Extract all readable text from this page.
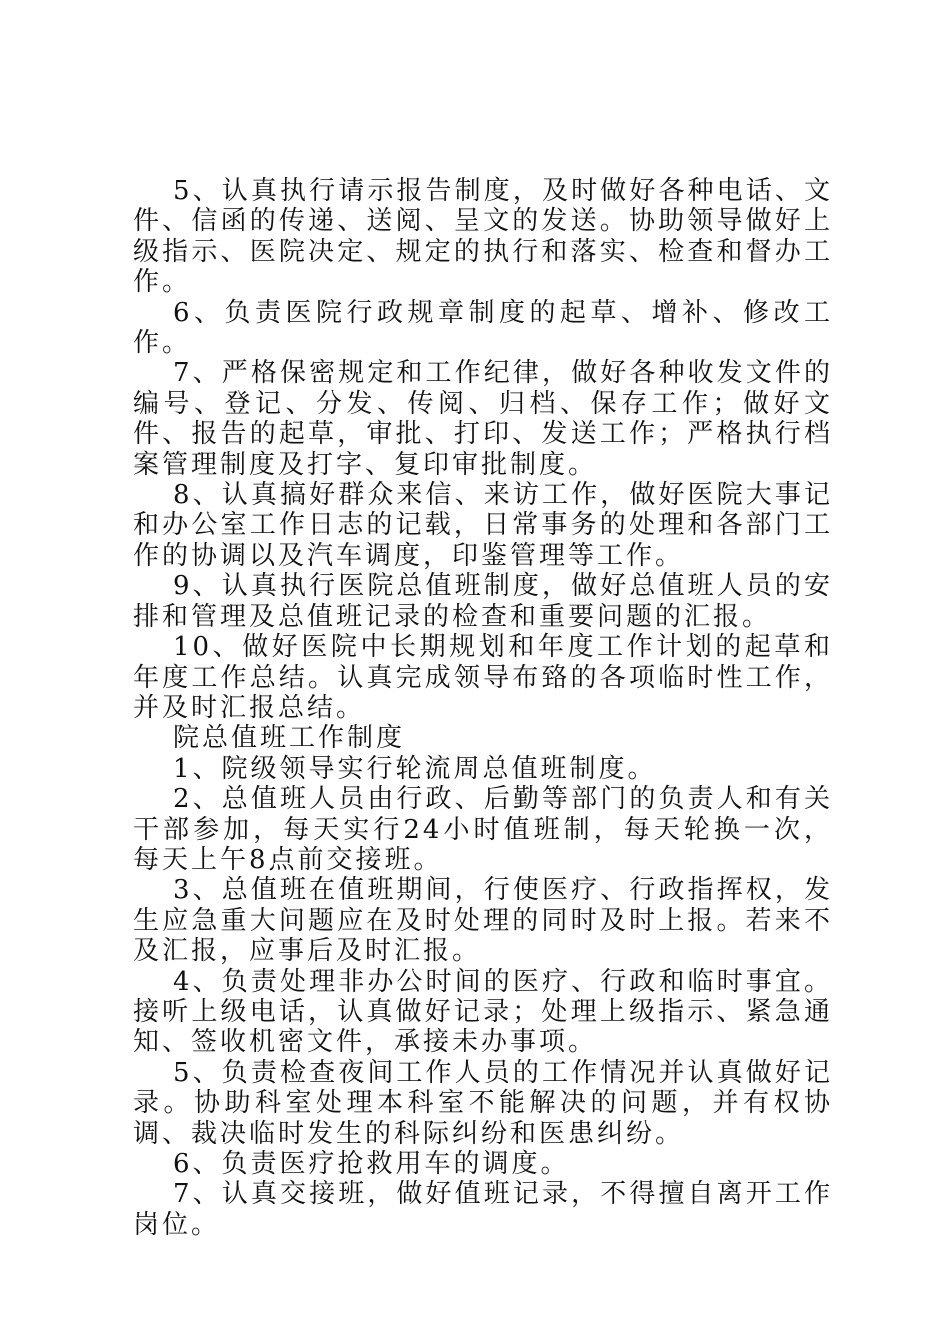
5、认真执行请示报告制度，及时做好各种电话、文件、信函的传递、送阅、呈文的发送。协助领导做好上级指示、医院决定、规定的执行和落实、检查和督办工作。

6、负责医院行政规章制度的起草、增补、修改工作。

7、严格保密规定和工作纪律，做好各种收发文件的编号、登记、分发、传阅、归档、保存工作；做好文件、报告的起草，审批、打印、发送工作；严格执行档案管理制度及打字、复印审批制度。

8、认真搞好群众来信、来访工作，做好医院大事记和办公室工作日志的记载，日常事务的处理和各部门工作的协调以及汽车调度，印鉴管理等工作。

9、认真执行医院总值班制度，做好总值班人员的安排和管理及总值班记录的检查和重要问题的汇报。

10、做好医院中长期规划和年度工作计划的起草和年度工作总结。认真完成领导布臵的各项临时性工作，并及时汇报总结。

院总值班工作制度

1、院级领导实行轮流周总值班制度。

2、总值班人员由行政、后勤等部门的负责人和有关干部参加，每天实行24小时值班制，每天轮换一次，每天上午8点前交接班。

3、总值班在值班期间，行使医疗、行政指挥权，发生应急重大问题应在及时处理的同时及时上报。若来不及汇报，应事后及时汇报。

4、负责处理非办公时间的医疗、行政和临时事宜。接听上级电话，认真做好记录；处理上级指示、紧急通知、签收机密文件，承接未办事项。

5、负责检查夜间工作人员的工作情况并认真做好记录。协助科室处理本科室不能解决的问题，并有权协调、裁决临时发生的科际纠纷和医患纠纷。

6、负责医疗抢救用车的调度。

7、认真交接班，做好值班记录，不得擅自离开工作岗位。
